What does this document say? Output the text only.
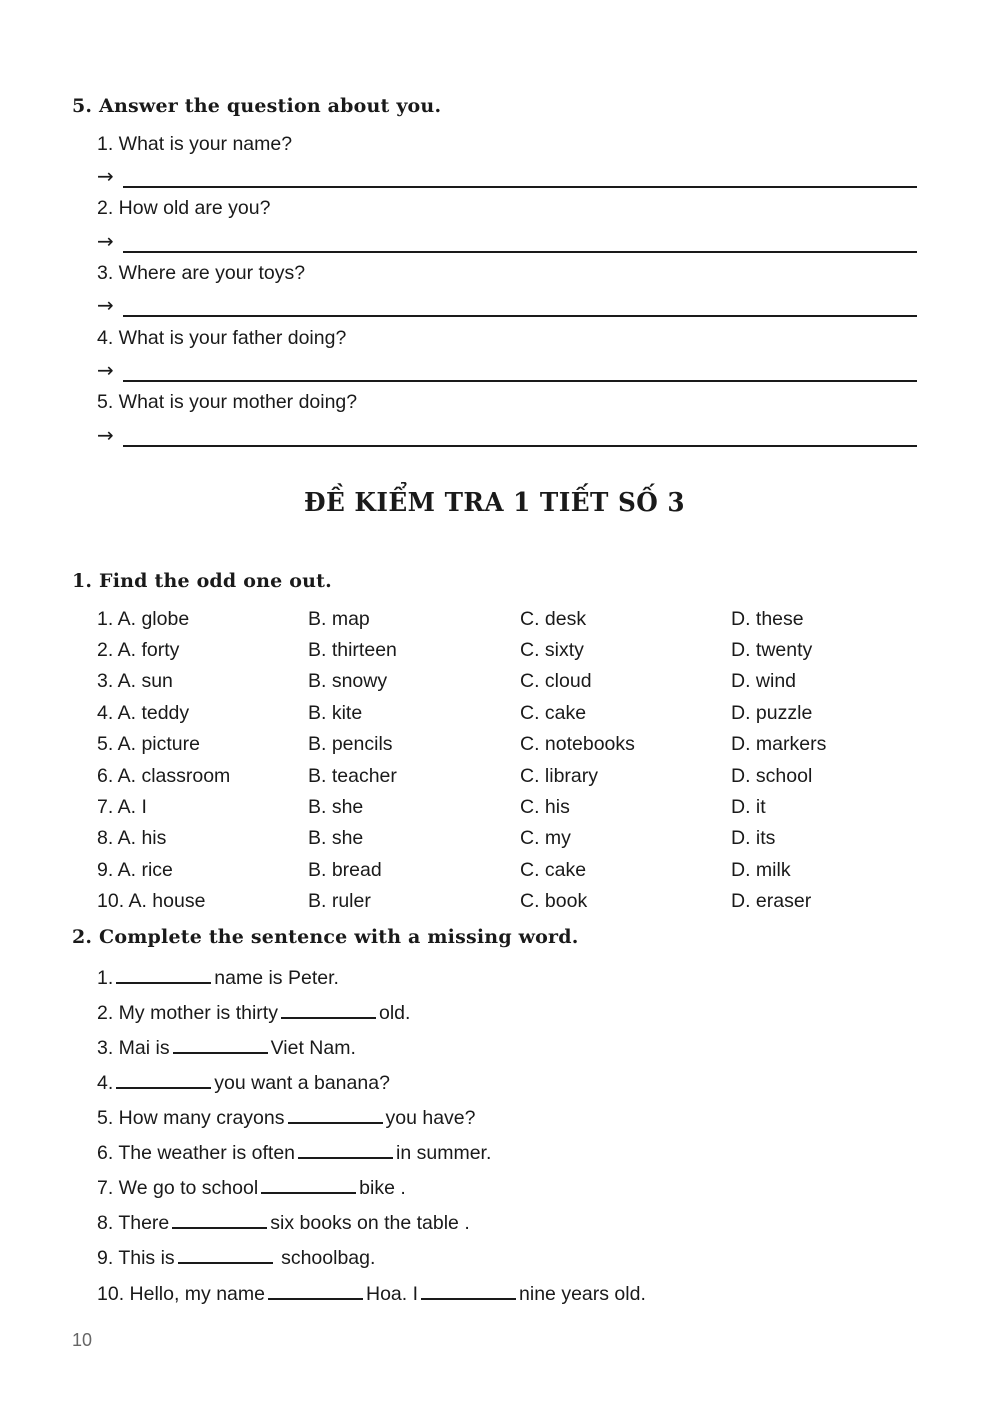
5. Answer the question about you.
1. What is your name?
→
2. How old are you?
→
3. Where are your toys?
→
4. What is your father doing?
→
5. What is your mother doing?
→
ĐỀ KIỂM TRA 1 TIẾT SỐ 3
1. Find the odd one out.
1. A. globe	B. map	C. desk	D. these
2. A. forty	B. thirteen	C. sixty	D. twenty
3. A. sun	B. snowy	C. cloud	D. wind
4. A. teddy	B. kite	C. cake	D. puzzle
5. A. picture	B. pencils	C. notebooks	D. markers
6. A. classroom	B. teacher	C. library	D. school
7. A. I	B. she	C. his	D. it
8. A. his	B. she	C. my	D. its
9. A. rice	B. bread	C. cake	D. milk
10. A. house	B. ruler	C. book	D. eraser
2. Complete the sentence with a missing word.
1.	name is Peter.
2. My mother is thirty	old.
3. Mai is	Viet Nam.
4.	you want a banana?
5. How many crayons	you have?
6. The weather is often	in summer.
7. We go to school	bike .
8. There	six books on the table .
9. This is	schoolbag.
10. Hello, my name	Hoa. I	nine years old.
10
